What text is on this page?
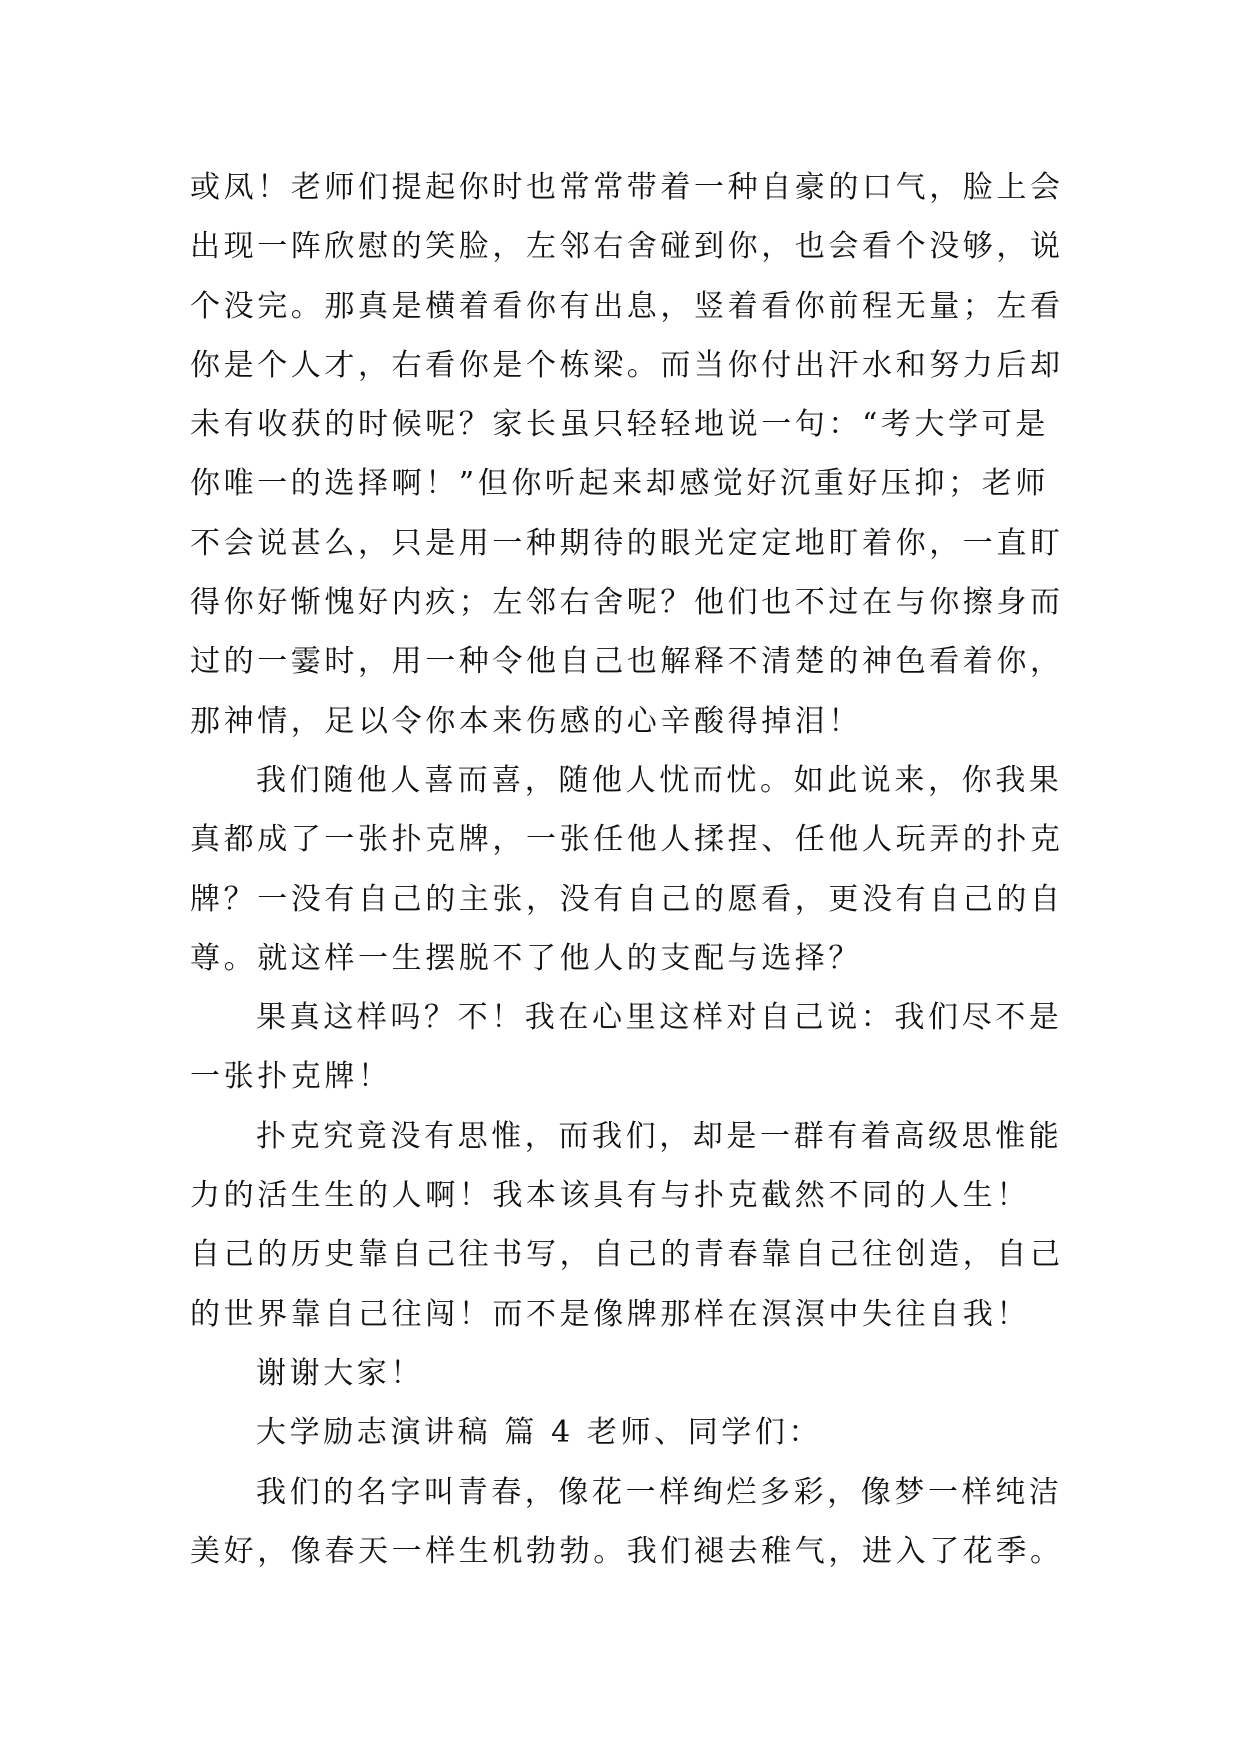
或凤！老师们提起你时也常常带着一种自豪的口气，脸上会
出现一阵欣慰的笑脸，左邻右舍碰到你，也会看个没够，说
个没完。那真是横着看你有出息，竖着看你前程无量；左看
你是个人才，右看你是个栋梁。而当你付出汗水和努力后却
未有收获的时候呢？家长虽只轻轻地说一句：“考大学可是
你唯一的选择啊！”但你听起来却感觉好沉重好压抑；老师
不会说甚么，只是用一种期待的眼光定定地盯着你，一直盯
得你好惭愧好内疚；左邻右舍呢？他们也不过在与你擦身而
过的一霎时，用一种令他自己也解释不清楚的神色看着你，
那神情，足以令你本来伤感的心辛酸得掉泪！
我们随他人喜而喜，随他人忧而忧。如此说来，你我果
真都成了一张扑克牌，一张任他人揉捏、任他人玩弄的扑克
牌？一没有自己的主张，没有自己的愿看，更没有自己的自
尊。就这样一生摆脱不了他人的支配与选择？
果真这样吗？不！我在心里这样对自己说：我们尽不是
一张扑克牌！
扑克究竟没有思惟，而我们，却是一群有着高级思惟能
力的活生生的人啊！我本该具有与扑克截然不同的人生！
自己的历史靠自己往书写，自己的青春靠自己往创造，自己
的世界靠自己往闯！而不是像牌那样在溟溟中失往自我！
谢谢大家！
大学励志演讲稿 篇 4 老师、同学们：
我们的名字叫青春，像花一样绚烂多彩，像梦一样纯洁
美好，像春天一样生机勃勃。我们褪去稚气，进入了花季。
